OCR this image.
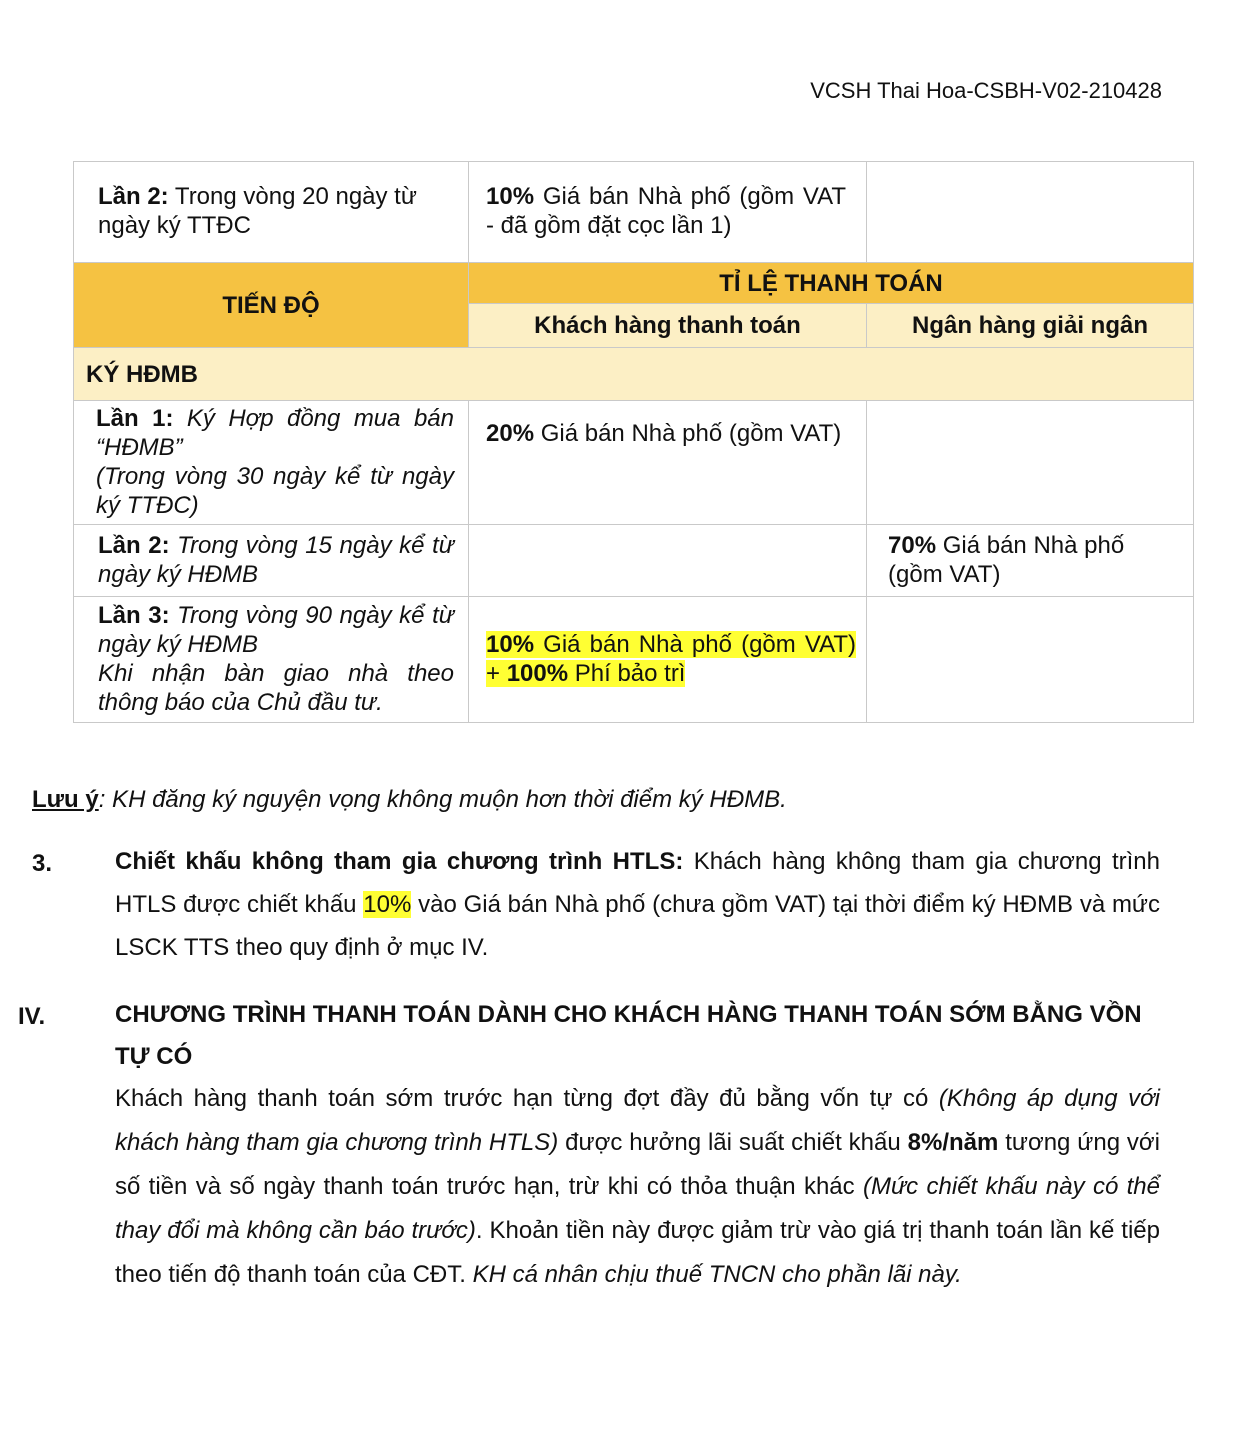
VCSH Thai Hoa-CSBH-V02-210428
Lần 2: Trong vòng 20 ngày từ ngày ký TTĐC	10% Giá bán Nhà phố (gồm VAT - đã gồm đặt cọc lần 1)	

TIẾN ĐỘ	TỈ LỆ THANH TOÁN	
	Khách hàng thanh toán	Ngân hàng giải ngân
KÝ HĐMB		

Lần 1: Ký Hợp đồng mua bán “HĐMB”
(Trong vòng 30 ngày kể từ ngày ký TTĐC)	20% Giá bán Nhà phố (gồm VAT)	

Lần 2: Trong vòng 15 ngày kể từ ngày ký HĐMB		70% Giá bán Nhà phố (gồm VAT)

Lần 3: Trong vòng 90 ngày kể từ ngày ký HĐMB
Khi nhận bàn giao nhà theo thông báo của Chủ đầu tư.	10% Giá bán Nhà phố (gồm VAT) + 100% Phí bảo trì	

Lưu ý: KH đăng ký nguyện vọng không muộn hơn thời điểm ký HĐMB.
3.	Chiết khấu không tham gia chương trình HTLS: Khách hàng không tham gia chương trình HTLS được chiết khấu 10% vào Giá bán Nhà phố (chưa gồm VAT) tại thời điểm ký HĐMB và mức LSCK TTS theo quy định ở mục IV.
IV.	CHƯƠNG TRÌNH THANH TOÁN DÀNH CHO KHÁCH HÀNG THANH TOÁN SỚM BẰNG VỒN TỰ CÓ
Khách hàng thanh toán sớm trước hạn từng đợt đầy đủ bằng vốn tự có (Không áp dụng với khách hàng tham gia chương trình HTLS) được hưởng lãi suất chiết khấu 8%/năm tương ứng với số tiền và số ngày thanh toán trước hạn, trừ khi có thỏa thuận khác (Mức chiết khấu này có thể thay đổi mà không cần báo trước). Khoản tiền này được giảm trừ vào giá trị thanh toán lần kế tiếp theo tiến độ thanh toán của CĐT. KH cá nhân chịu thuế TNCN cho phần lãi này.
